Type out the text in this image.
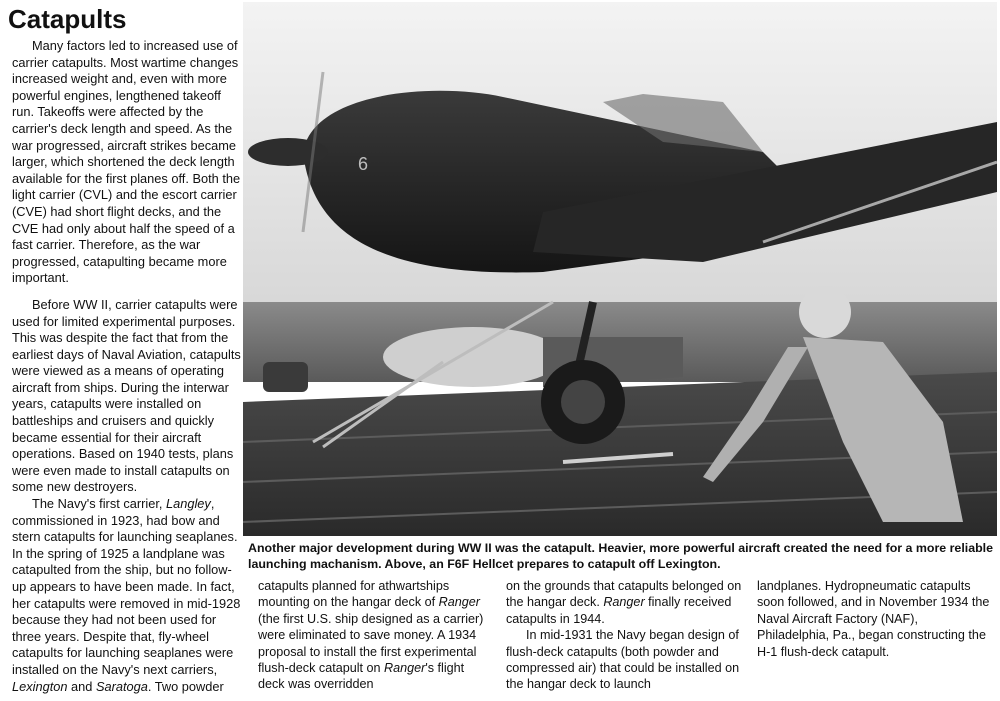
Catapults

Many factors led to increased use of carrier catapults. Most wartime changes increased weight and, even with more powerful engines, lengthened takeoff run. Takeoffs were affected by the carrier's deck length and speed. As the war progressed, aircraft strikes became larger, which shortened the deck length available for the first planes off. Both the light carrier (CVL) and the escort carrier (CVE) had short flight decks, and the CVE had only about half the speed of a fast carrier. Therefore, as the war progressed, catapulting became more important.

Before WW II, carrier catapults were used for limited experimental purposes. This was despite the fact that from the earliest days of Naval Aviation, catapults were viewed as a means of operating aircraft from ships. During the interwar years, catapults were installed on battleships and cruisers and quickly became essential for their aircraft operations. Based on 1940 tests, plans were even made to install catapults on some new destroyers.

The Navy's first carrier, Langley, commissioned in 1923, had bow and stern catapults for launching seaplanes. In the spring of 1925 a landplane was catapulted from the ship, but no follow-up appears to have been made. In fact, her catapults were removed in mid-1928 because they had not been used for three years. Despite that, fly-wheel catapults for launching seaplanes were installed on the Navy's next carriers, Lexington and Saratoga. Two powder

6
Another major development during WW II was the catapult. Heavier, more powerful aircraft created the need for a more reliable launching machanism. Above, an F6F Hellcet prepares to catapult off Lexington.
catapults planned for athwartships mounting on the hangar deck of Ranger (the first U.S. ship designed as a carrier) were eliminated to save money. A 1934 proposal to install the first experimental flush-deck catapult on Ranger's flight deck was overridden

on the grounds that catapults belonged on the hangar deck. Ranger finally received catapults in 1944.

In mid-1931 the Navy began design of flush-deck catapults (both powder and compressed air) that could be installed on the hangar deck to launch

landplanes. Hydropneumatic catapults soon followed, and in November 1934 the Naval Aircraft Factory (NAF), Philadelphia, Pa., began constructing the H-1 flush-deck catapult.
